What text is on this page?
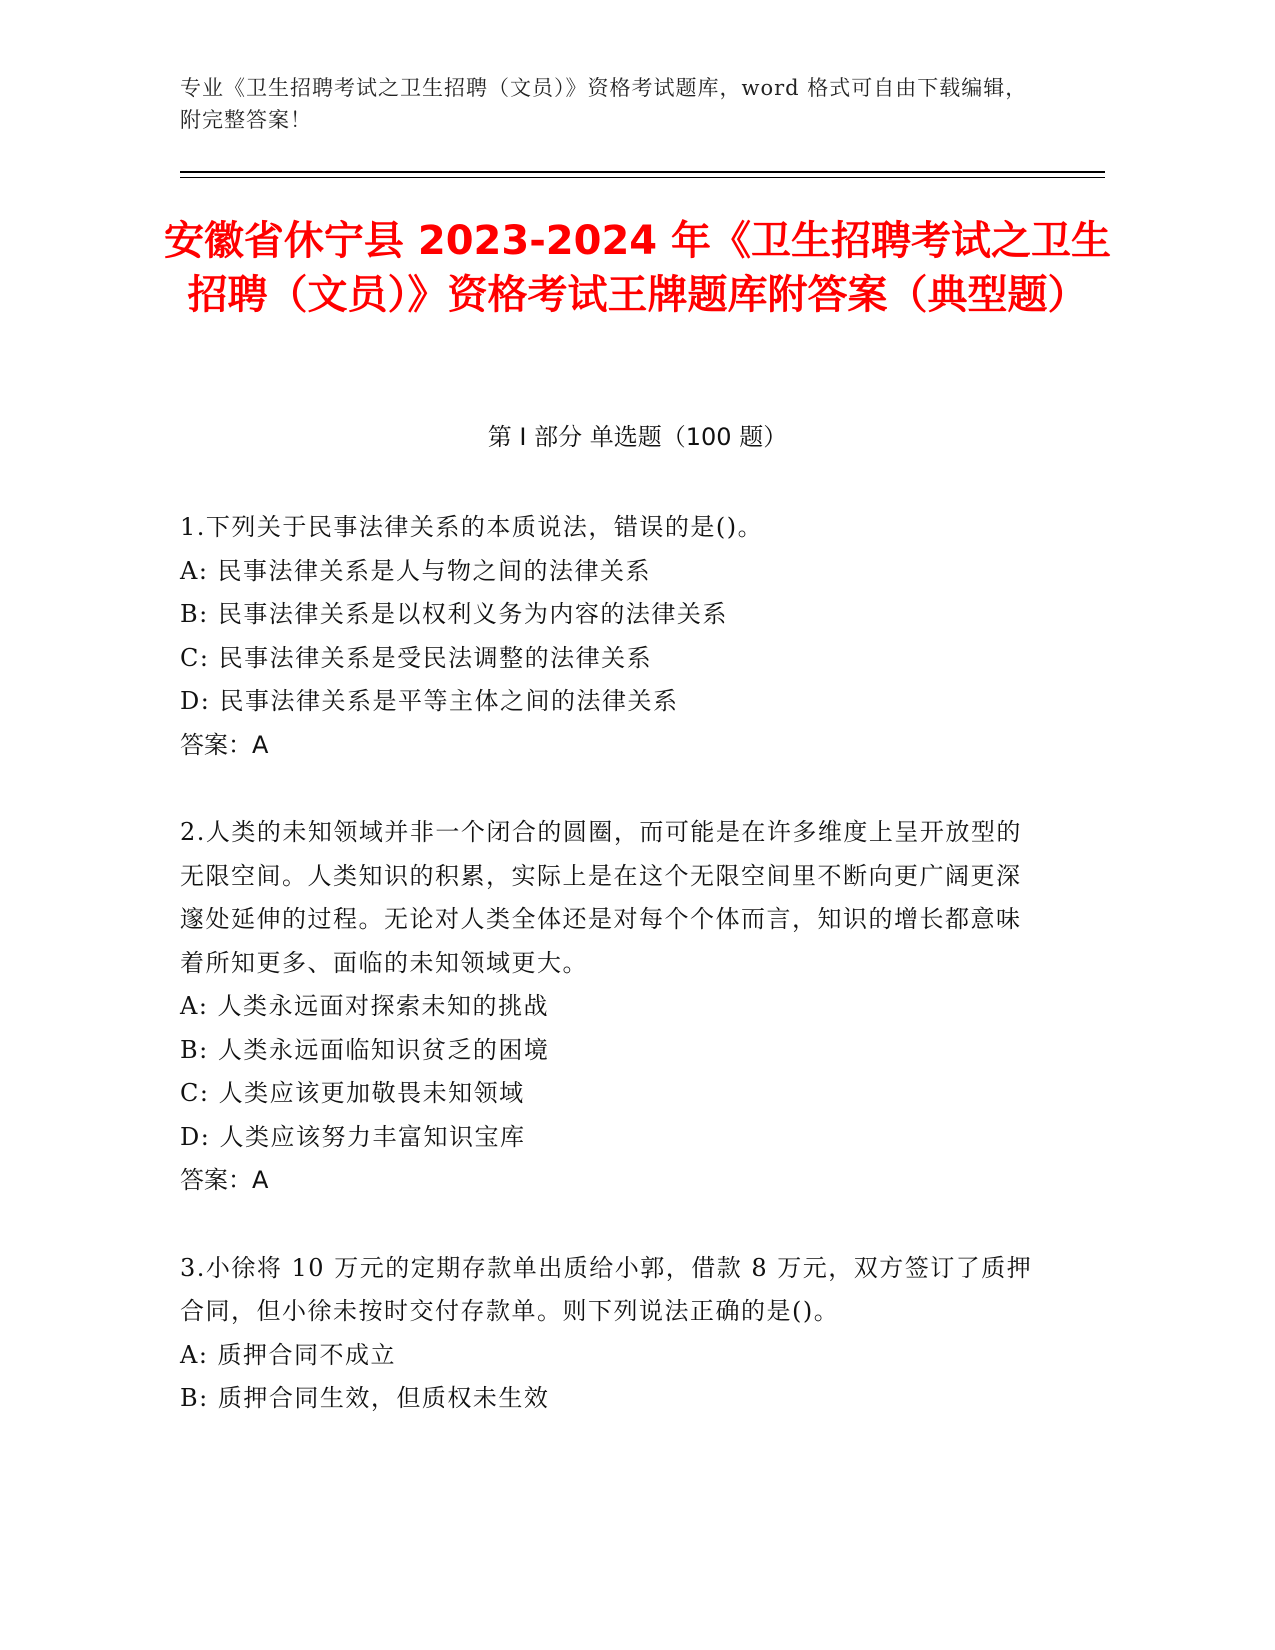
专业《卫生招聘考试之卫生招聘（文员）》资格考试题库，word 格式可自由下载编辑，附完整答案！
安徽省休宁县 2023-2024 年《卫生招聘考试之卫生招聘（文员）》资格考试王牌题库附答案（典型题）
第 I 部分 单选题（100 题）

1.下列关于民事法律关系的本质说法，错误的是()。

A: 民事法律关系是人与物之间的法律关系

B: 民事法律关系是以权利义务为内容的法律关系

C: 民事法律关系是受民法调整的法律关系

D: 民事法律关系是平等主体之间的法律关系

答案：A

2.人类的未知领域并非一个闭合的圆圈，而可能是在许多维度上呈开放型的无限空间。人类知识的积累，实际上是在这个无限空间里不断向更广阔更深邃处延伸的过程。无论对人类全体还是对每个个体而言，知识的增长都意味着所知更多、面临的未知领域更大。

A: 人类永远面对探索未知的挑战

B: 人类永远面临知识贫乏的困境

C: 人类应该更加敬畏未知领域

D: 人类应该努力丰富知识宝库

答案：A

3.小徐将 10 万元的定期存款单出质给小郭，借款 8 万元，双方签订了质押合同，但小徐未按时交付存款单。则下列说法正确的是()。

A: 质押合同不成立

B: 质押合同生效，但质权未生效
